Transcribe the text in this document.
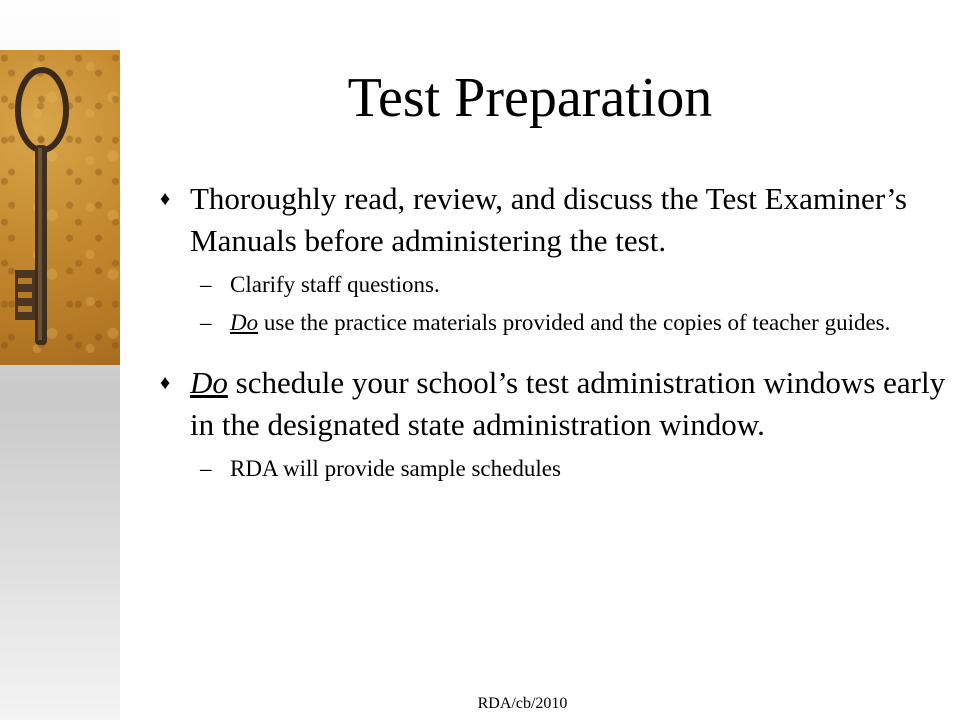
Test Preparation
♦ Thoroughly read, review, and discuss the Test Examiner’s Manuals before administering the test.
– Clarify staff questions.
– Do use the practice materials provided and the copies of teacher guides.
♦ Do schedule your school’s test administration windows early in the designated state administration window.
– RDA will provide sample schedules
RDA/cb/2010
